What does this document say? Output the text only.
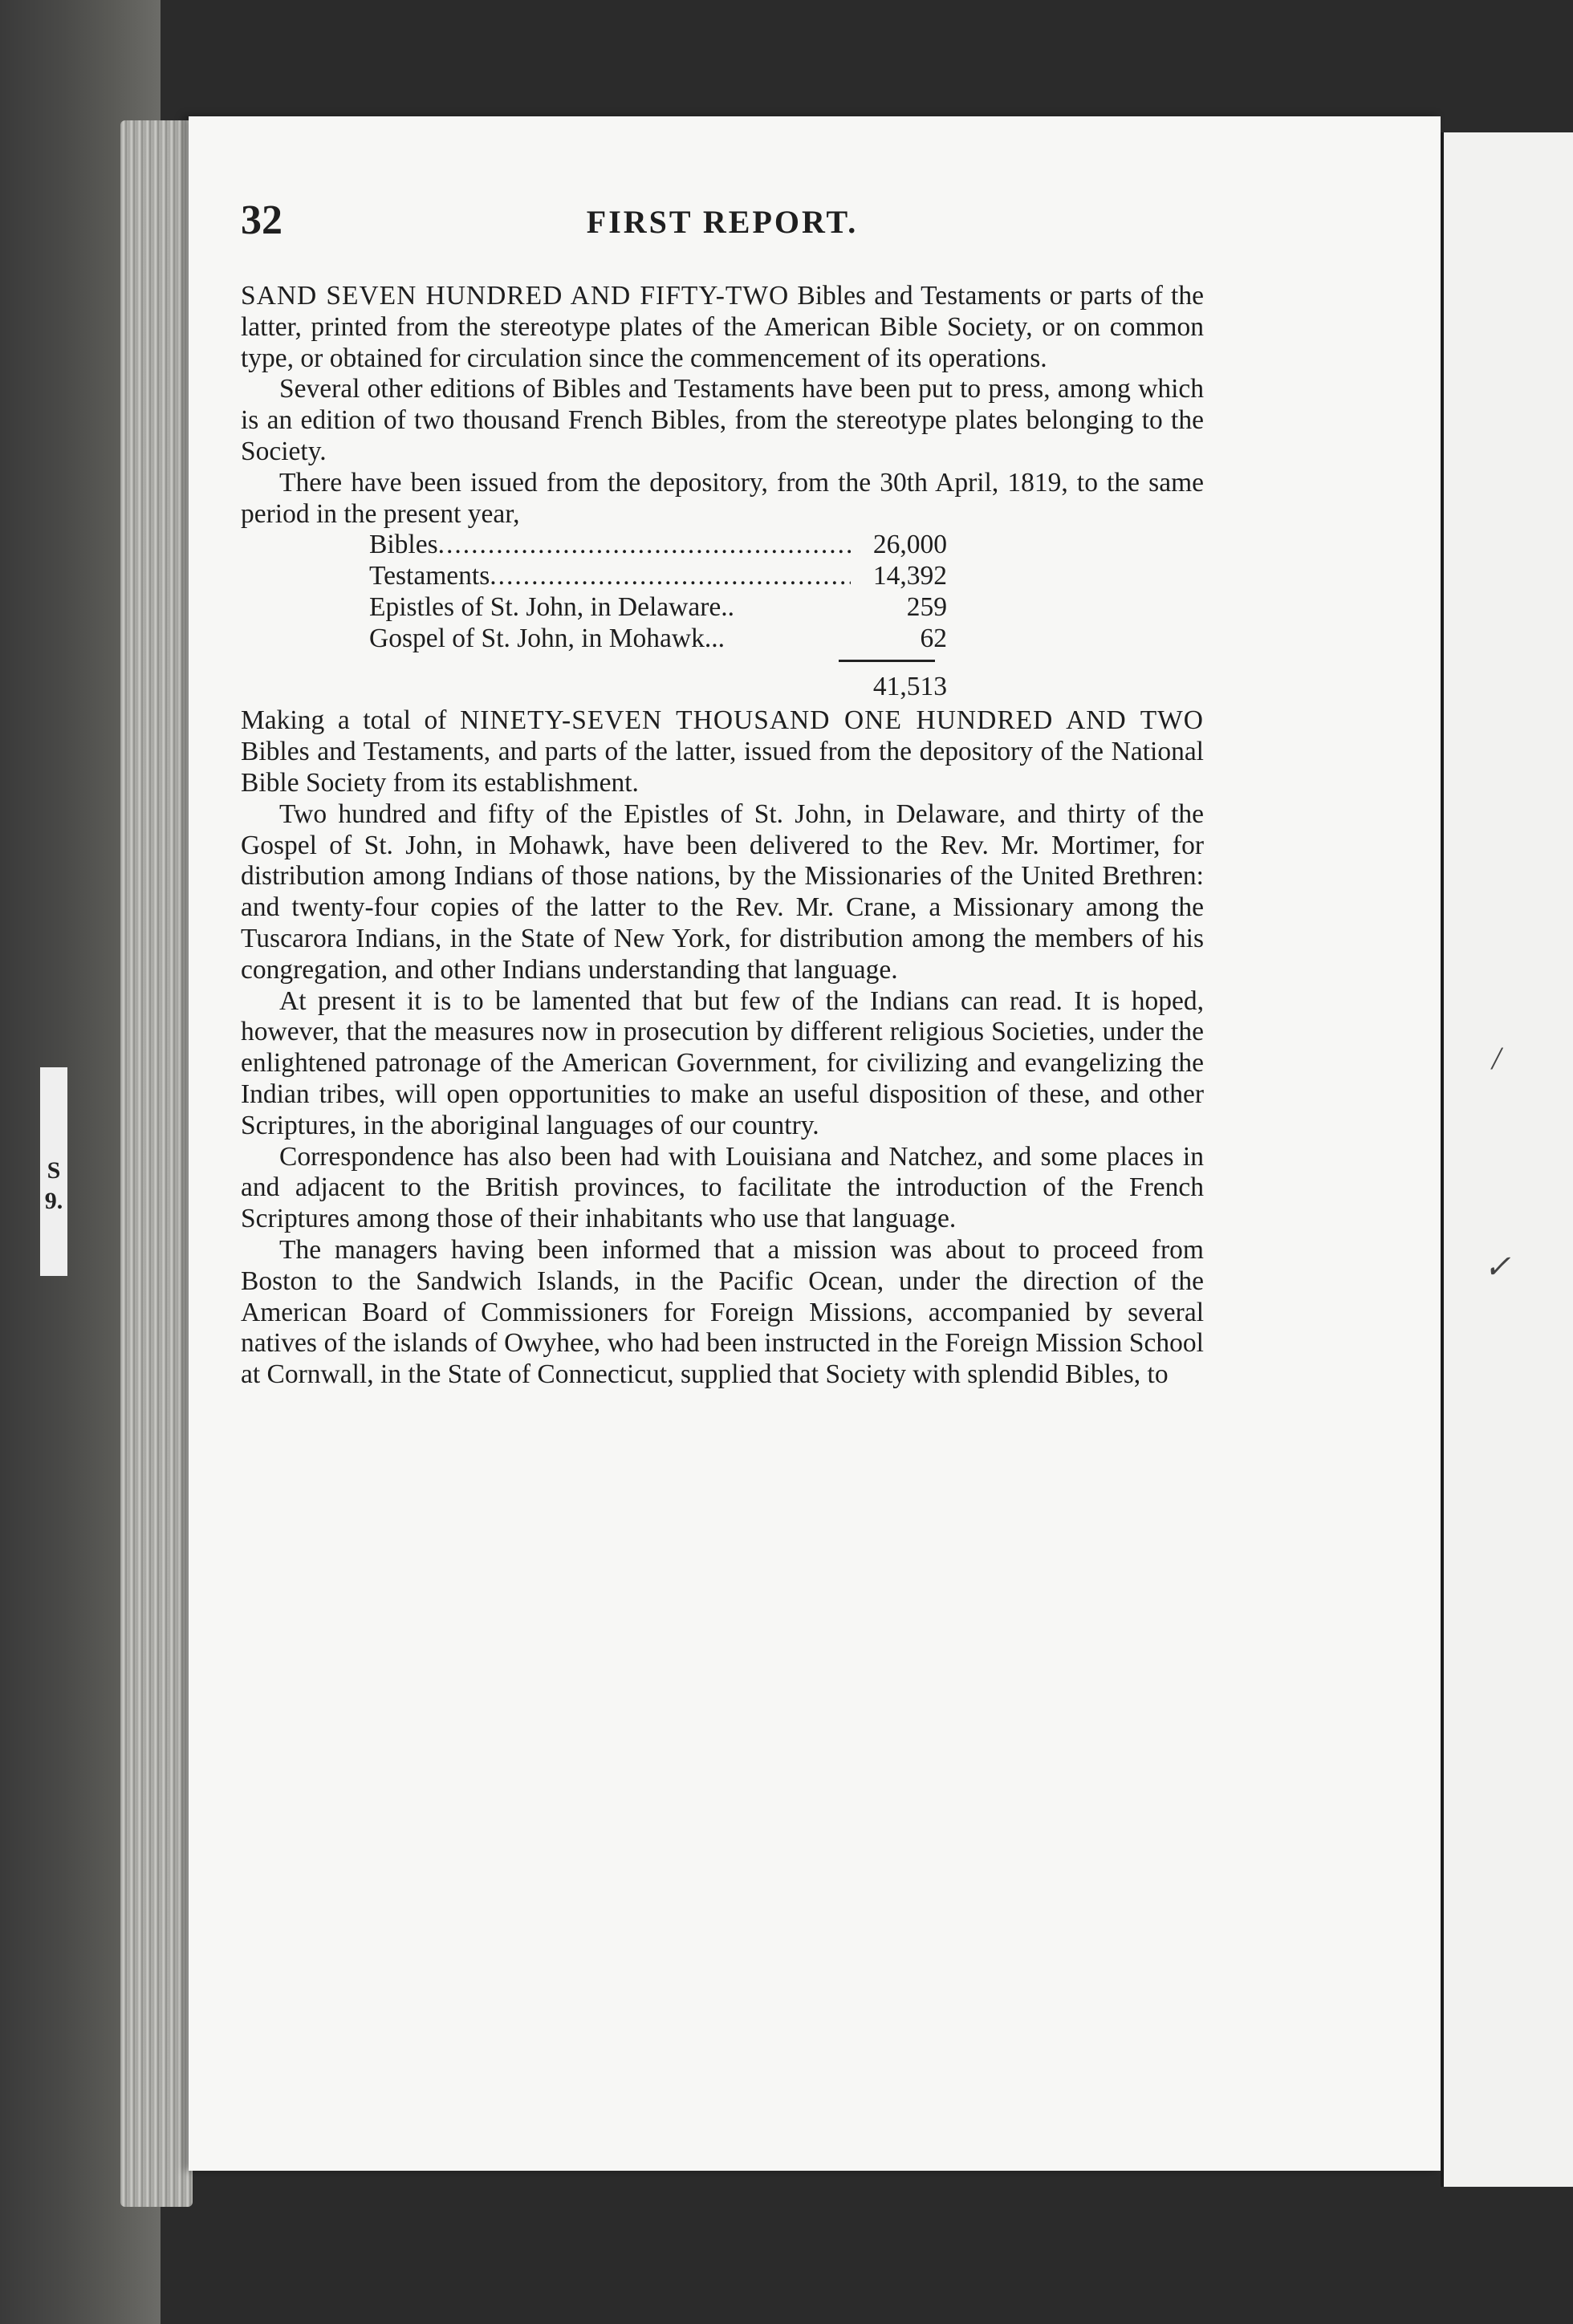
S
9.
/
✓
32	FIRST REPORT.

SAND SEVEN HUNDRED AND FIFTY-TWO Bibles and Testaments or parts of the latter, printed from the stereotype plates of the American Bible Society, or on common type, or obtained for circulation since the commencement of its operations.

Several other editions of Bibles and Testaments have been put to press, among which is an edition of two thousand French Bibles, from the stereotype plates belonging to the Society.

There have been issued from the depository, from the 30th April, 1819, to the same period in the present year,

Bibles .....	26,000
Testaments .....	14,392
Epistles of St. John, in Delaware..	259
Gospel of St. John, in Mohawk...	62
41,513

Making a total of NINETY-SEVEN THOUSAND ONE HUNDRED AND TWO Bibles and Testaments, and parts of the latter, issued from the depository of the National Bible Society from its establishment.

Two hundred and fifty of the Epistles of St. John, in Delaware, and thirty of the Gospel of St. John, in Mohawk, have been delivered to the Rev. Mr. Mortimer, for distribution among Indians of those nations, by the Missionaries of the United Brethren: and twenty-four copies of the latter to the Rev. Mr. Crane, a Missionary among the Tuscarora Indians, in the State of New York, for distribution among the members of his congregation, and other Indians understanding that language.

At present it is to be lamented that but few of the Indians can read. It is hoped, however, that the measures now in prosecution by different religious Societies, under the enlightened patronage of the American Government, for civilizing and evangelizing the Indian tribes, will open opportunities to make an useful disposition of these, and other Scriptures, in the aboriginal languages of our country.

Correspondence has also been had with Louisiana and Natchez, and some places in and adjacent to the British provinces, to facilitate the introduction of the French Scriptures among those of their inhabitants who use that language.

The managers having been informed that a mission was about to proceed from Boston to the Sandwich Islands, in the Pacific Ocean, under the direction of the American Board of Commissioners for Foreign Missions, accompanied by several natives of the islands of Owyhee, who had been instructed in the Foreign Mission School at Cornwall, in the State of Connecticut, supplied that Society with splendid Bibles, to
